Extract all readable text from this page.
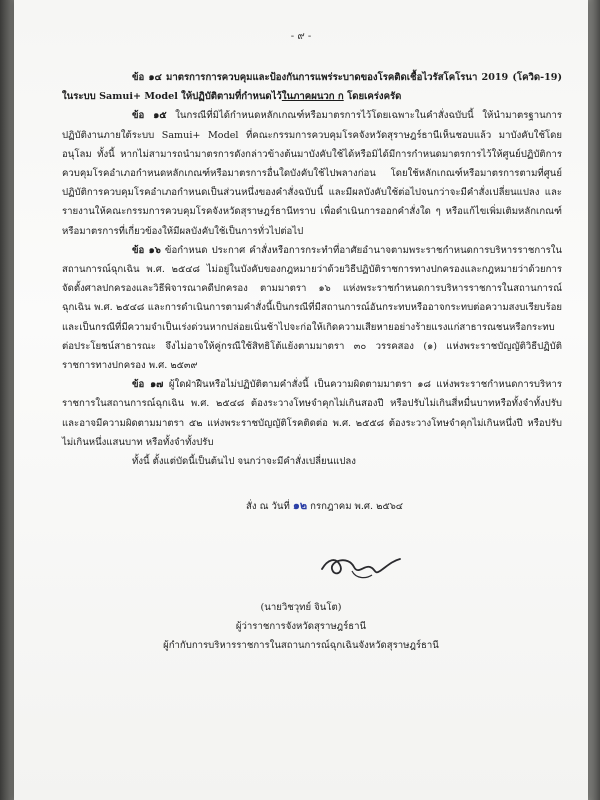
- ๙ -

ข้อ ๑๔ มาตรการการควบคุมและป้องกันการแพร่ระบาดของโรคติดเชื้อไวรัสโคโรนา 2019 (โควิด-19) ในระบบ Samui+ Model ให้ปฏิบัติตามที่กำหนดไว้ในภาคผนวก ก โดยเคร่งครัด

ข้อ ๑๕ ในกรณีที่มิได้กำหนดหลักเกณฑ์หรือมาตรการไว้โดยเฉพาะในคำสั่งฉบับนี้ ให้นำมาตรฐานการปฏิบัติงานภายใต้ระบบ Samui+ Model ที่คณะกรรมการควบคุมโรคจังหวัดสุราษฎร์ธานีเห็นชอบแล้ว มาบังคับใช้โดยอนุโลม ทั้งนี้ หากไม่สามารถนำมาตรการดังกล่าวข้างต้นมาบังคับใช้ได้หรือมิได้มีการกำหนดมาตรการไว้ให้ศูนย์ปฏิบัติการควบคุมโรคอำเภอกำหนดหลักเกณฑ์หรือมาตรการอื่นใดบังคับใช้ไปพลางก่อน โดยใช้หลักเกณฑ์หรือมาตรการตามที่ศูนย์ปฏิบัติการควบคุมโรคอำเภอกำหนดเป็นส่วนหนึ่งของคำสั่งฉบับนี้ และมีผลบังคับใช้ต่อไปจนกว่าจะมีคำสั่งเปลี่ยนแปลง และรายงานให้คณะกรรมการควบคุมโรคจังหวัดสุราษฎร์ธานีทราบ เพื่อดำเนินการออกคำสั่งใด ๆ หรือแก้ไขเพิ่มเติมหลักเกณฑ์หรือมาตรการที่เกี่ยวข้องให้มีผลบังคับใช้เป็นการทั่วไปต่อไป

ข้อ ๑๖ ข้อกำหนด ประกาศ คำสั่งหรือการกระทำที่อาศัยอำนาจตามพระราชกำหนดการบริหารราชการในสถานการณ์ฉุกเฉิน พ.ศ. ๒๕๔๘ ไม่อยู่ในบังคับของกฎหมายว่าด้วยวิธีปฏิบัติราชการทางปกครองและกฎหมายว่าด้วยการจัดตั้งศาลปกครองและวิธีพิจารณาคดีปกครอง ตามมาตรา ๑๖ แห่งพระราชกำหนดการบริหารราชการในสถานการณ์ฉุกเฉิน พ.ศ. ๒๕๔๘ และการดำเนินการตามคำสั่งนี้เป็นกรณีที่มีสถานการณ์อันกระทบหรืออาจกระทบต่อความสงบเรียบร้อย และเป็นกรณีที่มีความจำเป็นเร่งด่วนหากปล่อยเนิ่นช้าไปจะก่อให้เกิดความเสียหายอย่างร้ายแรงแก่สาธารณชนหรือกระทบต่อประโยชน์สาธารณะ จึงไม่อาจให้คู่กรณีใช้สิทธิโต้แย้งตามมาตรา ๓๐ วรรคสอง (๑) แห่งพระราชบัญญัติวิธีปฏิบัติราชการทางปกครอง พ.ศ. ๒๕๓๙

ข้อ ๑๗ ผู้ใดฝ่าฝืนหรือไม่ปฏิบัติตามคำสั่งนี้ เป็นความผิดตามมาตรา ๑๘ แห่งพระราชกำหนดการบริหารราชการในสถานการณ์ฉุกเฉิน พ.ศ. ๒๕๔๘ ต้องระวางโทษจำคุกไม่เกินสองปี หรือปรับไม่เกินสี่หมื่นบาทหรือทั้งจำทั้งปรับ และอาจมีความผิดตามมาตรา ๕๒ แห่งพระราชบัญญัติโรคติดต่อ พ.ศ. ๒๕๕๘ ต้องระวางโทษจำคุกไม่เกินหนึ่งปี หรือปรับไม่เกินหนึ่งแสนบาท หรือทั้งจำทั้งปรับ

ทั้งนี้ ตั้งแต่บัดนี้เป็นต้นไป จนกว่าจะมีคำสั่งเปลี่ยนแปลง

สั่ง ณ วันที่ ๑๒ กรกฎาคม พ.ศ. ๒๕๖๔
(นายวิชวุทย์ จินโต)
ผู้ว่าราชการจังหวัดสุราษฎร์ธานี
ผู้กำกับการบริหารราชการในสถานการณ์ฉุกเฉินจังหวัดสุราษฎร์ธานี
